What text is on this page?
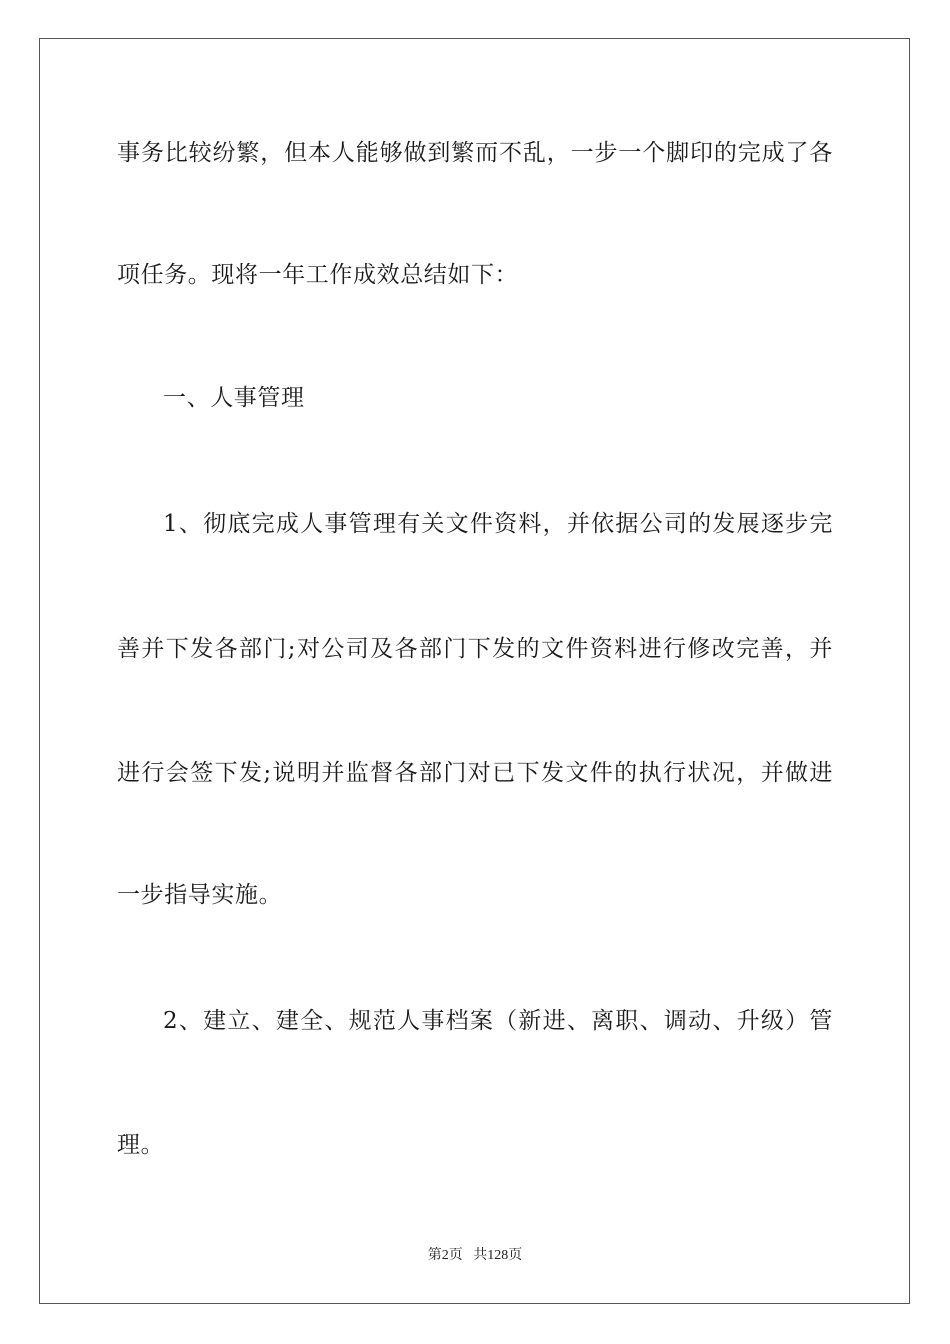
事务比较纷繁，但本人能够做到繁而不乱，一步一个脚印的完成了各
项任务。现将一年工作成效总结如下：
一、人事管理
1、彻底完成人事管理有关文件资料，并依据公司的发展逐步完
善并下发各部门;对公司及各部门下发的文件资料进行修改完善，并
进行会签下发;说明并监督各部门对已下发文件的执行状况，并做进
一步指导实施。
2、建立、建全、规范人事档案（新进、离职、调动、升级）管
理。
第2页 共128页
